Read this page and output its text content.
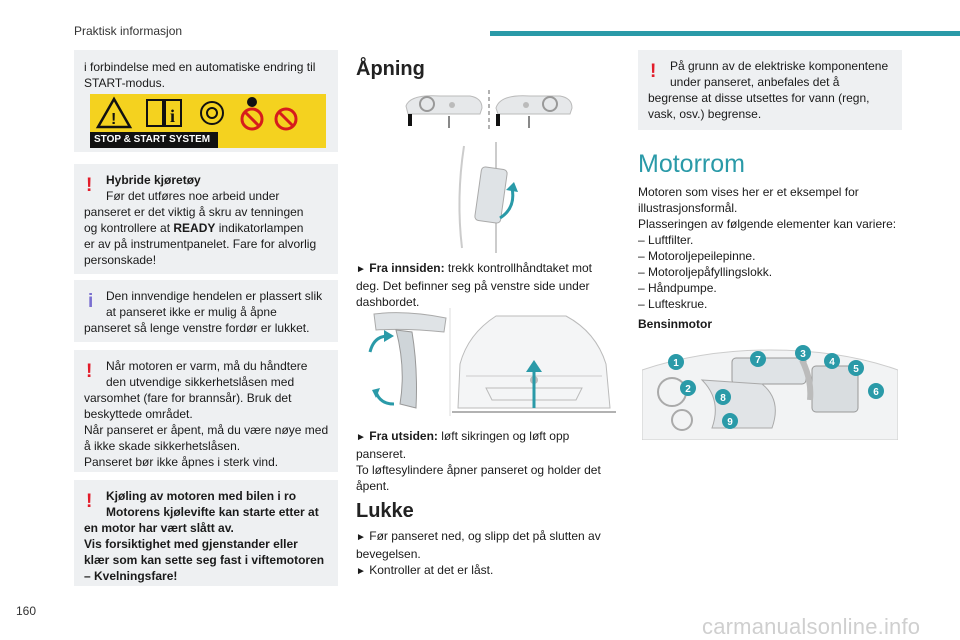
Praktisk informasjon
160

i forbindelse med en automatiske endring til

START-modus.

!	i
STOP & START SYSTEM
!	Hybride kjøretøy

Før det utføres noe arbeid under

panseret er det viktig å skru av tenningen

og kontrollere at READY indikatorlampen

er av på instrumentpanelet. Fare for alvorlig

personskade!

i	Den innvendige hendelen er plassert slik

at panseret ikke er mulig å åpne

panseret så lenge venstre fordør er lukket.

!	Når motoren er varm, må du håndtere

den utvendige sikkerhetslåsen med

varsomhet (fare for brannsår). Bruk det

beskyttede området.

Når panseret er åpent, må du være nøye med

å ikke skade sikkerhetslåsen.

Panseret bør ikke åpnes i sterk vind.

!	Kjøling av motoren med bilen i ro

Motorens kjølevifte kan starte etter at

en motor har vært slått av.

Vis forsiktighet med gjenstander eller

klær som kan sette seg fast i viftemotoren

– Kvelningsfare!

Åpning

► Fra innsiden: trekk kontrollhåndtaket mot

deg. Det befinner seg på venstre side under

dashbordet.

► Fra utsiden: løft sikringen og løft opp

panseret.

To løftesylindere åpner panseret og holder det

åpent.

Lukke

► Før panseret ned, og slipp det på slutten av

bevegelsen.

► Kontroller at det er låst.

!	På grunn av de elektriske komponentene

under panseret, anbefales det å

begrense at disse utsettes for vann (regn,

vask, osv.) begrense.

Motorrom

Motoren som vises her er et eksempel for

illustrasjonsformål.

Plasseringen av følgende elementer kan variere:

– Luftfilter.

– Motoroljepeilepinne.

– Motoroljepåfyllingslokk.

– Håndpumpe.

– Lufteskrue.

Bensinmotor
1
2
3
4
5
6
7
8
9
carmanualsonline.info
